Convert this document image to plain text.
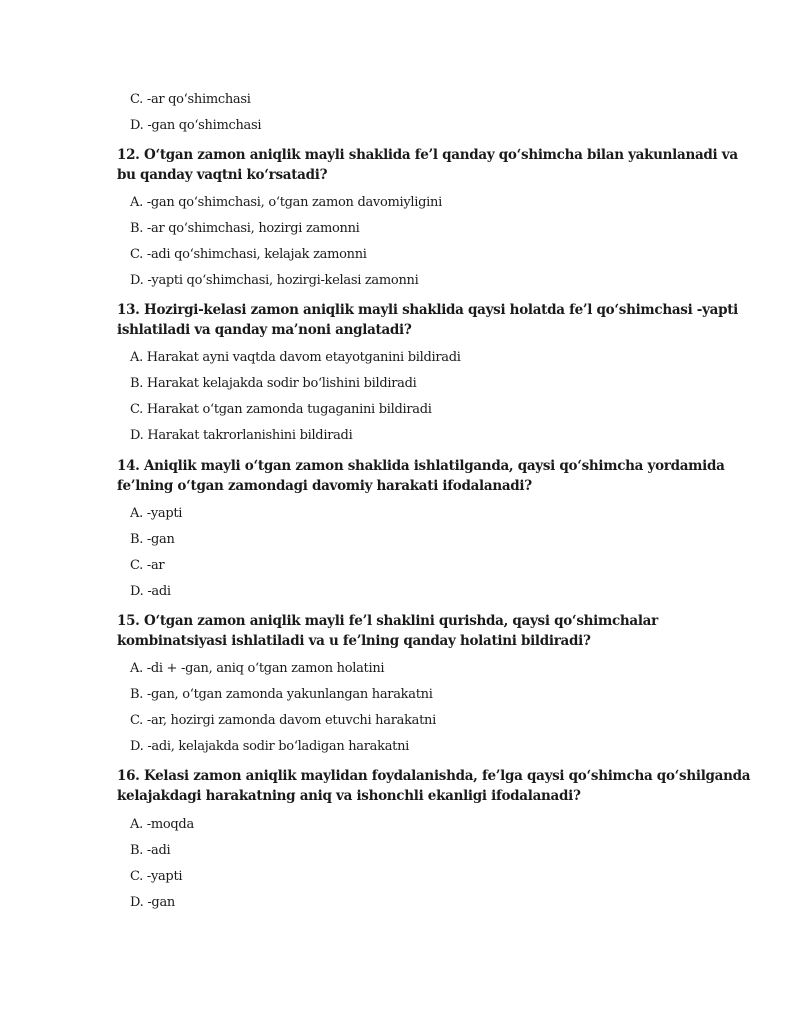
C. -ar qo‘shimchasi
D. -gan qo‘shimchasi
12. O‘tgan zamon aniqlik mayli shaklida fe’l qanday qo‘shimcha bilan yakunlanadi va
bu qanday vaqtni ko‘rsatadi?
A. -gan qo‘shimchasi, o‘tgan zamon davomiyligini
B. -ar qo‘shimchasi, hozirgi zamonni
C. -adi qo‘shimchasi, kelajak zamonni
D. -yapti qo‘shimchasi, hozirgi-kelasi zamonni
13. Hozirgi-kelasi zamon aniqlik mayli shaklida qaysi holatda fe’l qo‘shimchasi -yapti
ishlatiladi va qanday ma’noni anglatadi?
A. Harakat ayni vaqtda davom etayotganini bildiradi
B. Harakat kelajakda sodir bo‘lishini bildiradi
C. Harakat o‘tgan zamonda tugaganini bildiradi
D. Harakat takrorlanishini bildiradi
14. Aniqlik mayli o‘tgan zamon shaklida ishlatilganda, qaysi qo‘shimcha yordamida
fe’lning o‘tgan zamondagi davomiy harakati ifodalanadi?
A. -yapti
B. -gan
C. -ar
D. -adi
15. O‘tgan zamon aniqlik mayli fe’l shaklini qurishda, qaysi qo‘shimchalar
kombinatsiyasi ishlatiladi va u fe’lning qanday holatini bildiradi?
A. -di + -gan, aniq o‘tgan zamon holatini
B. -gan, o‘tgan zamonda yakunlangan harakatni
C. -ar, hozirgi zamonda davom etuvchi harakatni
D. -adi, kelajakda sodir bo‘ladigan harakatni
16. Kelasi zamon aniqlik maylidan foydalanishda, fe’lga qaysi qo‘shimcha qo‘shilganda
kelajakdagi harakatning aniq va ishonchli ekanligi ifodalanadi?
A. -moqda
B. -adi
C. -yapti
D. -gan
